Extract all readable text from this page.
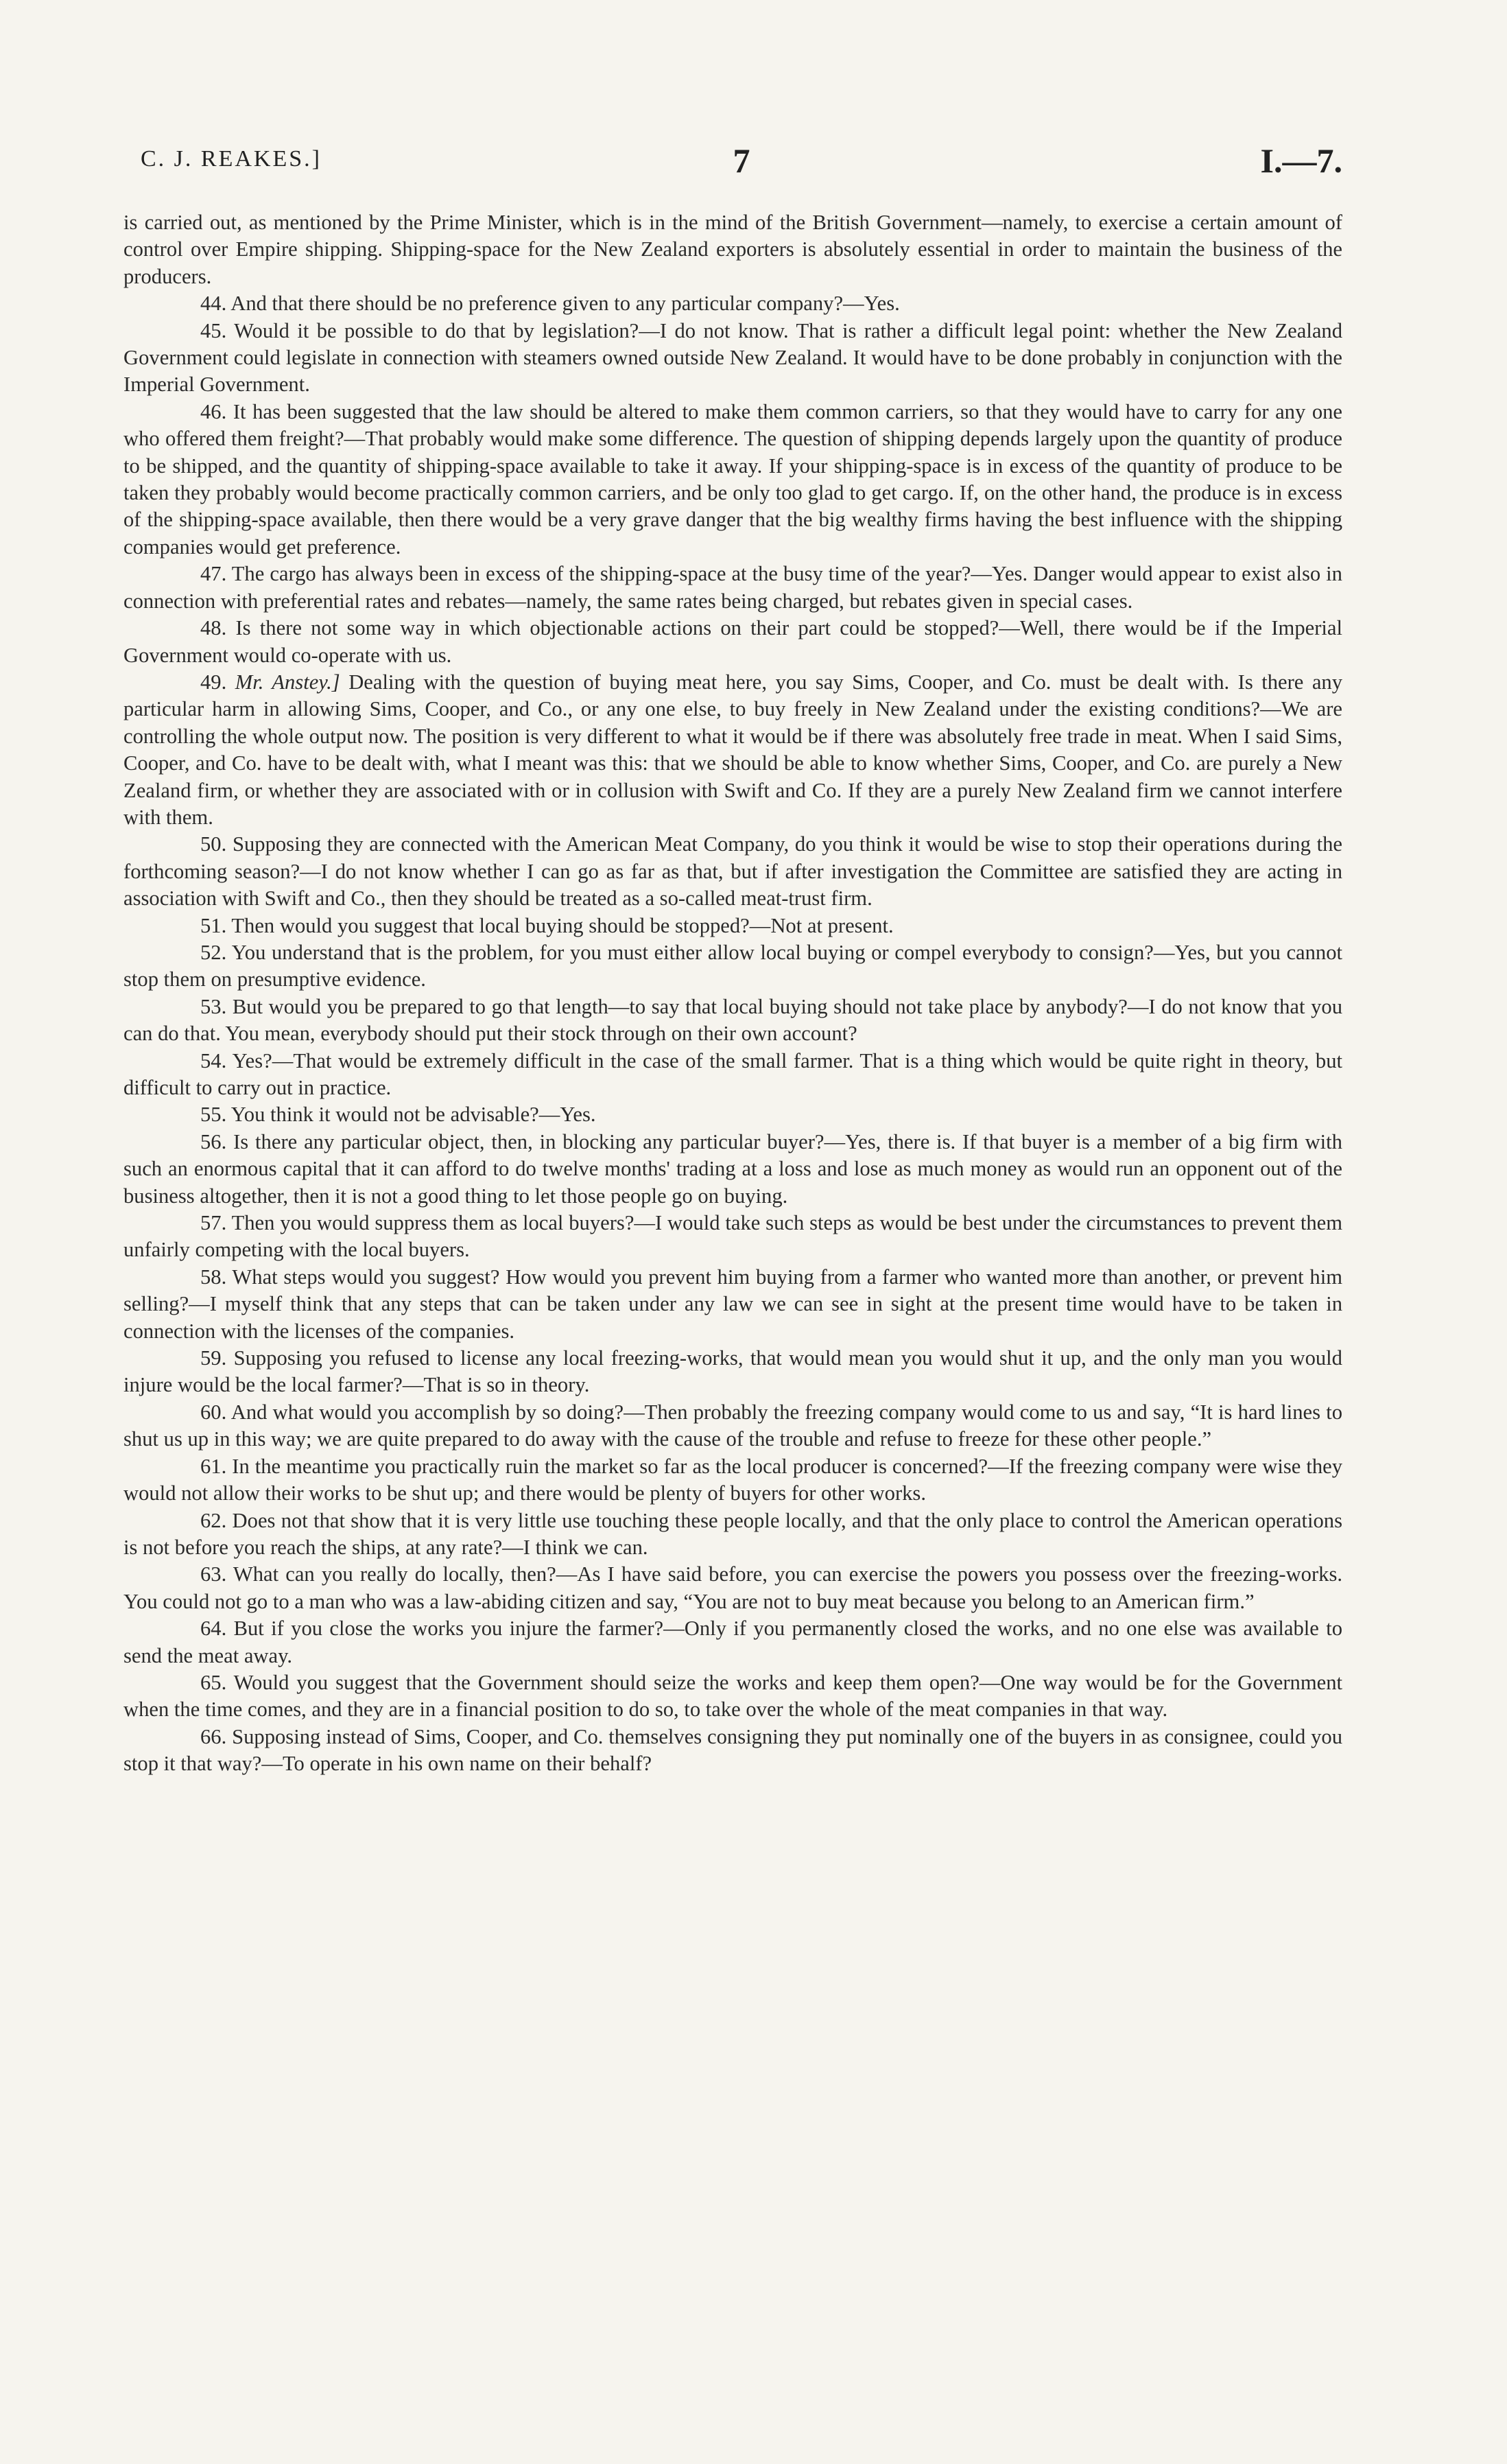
C. J. REAKES.]	7	I.—7.

is carried out, as mentioned by the Prime Minister, which is in the mind of the British Government—namely, to exercise a certain amount of control over Empire shipping. Shipping-space for the New Zealand exporters is absolutely essential in order to maintain the business of the producers.

44. And that there should be no preference given to any particular company?—Yes.

45. Would it be possible to do that by legislation?—I do not know. That is rather a difficult legal point: whether the New Zealand Government could legislate in connection with steamers owned outside New Zealand. It would have to be done probably in conjunction with the Imperial Government.

46. It has been suggested that the law should be altered to make them common carriers, so that they would have to carry for any one who offered them freight?—That probably would make some difference. The question of shipping depends largely upon the quantity of produce to be shipped, and the quantity of shipping-space available to take it away. If your shipping-space is in excess of the quantity of produce to be taken they probably would become practically common carriers, and be only too glad to get cargo. If, on the other hand, the produce is in excess of the shipping-space available, then there would be a very grave danger that the big wealthy firms having the best influence with the shipping companies would get preference.

47. The cargo has always been in excess of the shipping-space at the busy time of the year?—Yes. Danger would appear to exist also in connection with preferential rates and rebates—namely, the same rates being charged, but rebates given in special cases.

48. Is there not some way in which objectionable actions on their part could be stopped?—Well, there would be if the Imperial Government would co-operate with us.

49. Mr. Anstey.] Dealing with the question of buying meat here, you say Sims, Cooper, and Co. must be dealt with. Is there any particular harm in allowing Sims, Cooper, and Co., or any one else, to buy freely in New Zealand under the existing conditions?—We are controlling the whole output now. The position is very different to what it would be if there was absolutely free trade in meat. When I said Sims, Cooper, and Co. have to be dealt with, what I meant was this: that we should be able to know whether Sims, Cooper, and Co. are purely a New Zealand firm, or whether they are associated with or in collusion with Swift and Co. If they are a purely New Zealand firm we cannot interfere with them.

50. Supposing they are connected with the American Meat Company, do you think it would be wise to stop their operations during the forthcoming season?—I do not know whether I can go as far as that, but if after investigation the Committee are satisfied they are acting in association with Swift and Co., then they should be treated as a so-called meat-trust firm.

51. Then would you suggest that local buying should be stopped?—Not at present.

52. You understand that is the problem, for you must either allow local buying or compel everybody to consign?—Yes, but you cannot stop them on presumptive evidence.

53. But would you be prepared to go that length—to say that local buying should not take place by anybody?—I do not know that you can do that. You mean, everybody should put their stock through on their own account?

54. Yes?—That would be extremely difficult in the case of the small farmer. That is a thing which would be quite right in theory, but difficult to carry out in practice.

55. You think it would not be advisable?—Yes.

56. Is there any particular object, then, in blocking any particular buyer?—Yes, there is. If that buyer is a member of a big firm with such an enormous capital that it can afford to do twelve months' trading at a loss and lose as much money as would run an opponent out of the business altogether, then it is not a good thing to let those people go on buying.

57. Then you would suppress them as local buyers?—I would take such steps as would be best under the circumstances to prevent them unfairly competing with the local buyers.

58. What steps would you suggest? How would you prevent him buying from a farmer who wanted more than another, or prevent him selling?—I myself think that any steps that can be taken under any law we can see in sight at the present time would have to be taken in connection with the licenses of the companies.

59. Supposing you refused to license any local freezing-works, that would mean you would shut it up, and the only man you would injure would be the local farmer?—That is so in theory.

60. And what would you accomplish by so doing?—Then probably the freezing company would come to us and say, “It is hard lines to shut us up in this way; we are quite prepared to do away with the cause of the trouble and refuse to freeze for these other people.”

61. In the meantime you practically ruin the market so far as the local producer is concerned?—If the freezing company were wise they would not allow their works to be shut up; and there would be plenty of buyers for other works.

62. Does not that show that it is very little use touching these people locally, and that the only place to control the American operations is not before you reach the ships, at any rate?—I think we can.

63. What can you really do locally, then?—As I have said before, you can exercise the powers you possess over the freezing-works. You could not go to a man who was a law-abiding citizen and say, “You are not to buy meat because you belong to an American firm.”

64. But if you close the works you injure the farmer?—Only if you permanently closed the works, and no one else was available to send the meat away.

65. Would you suggest that the Government should seize the works and keep them open?—One way would be for the Government when the time comes, and they are in a financial position to do so, to take over the whole of the meat companies in that way.

66. Supposing instead of Sims, Cooper, and Co. themselves consigning they put nominally one of the buyers in as consignee, could you stop it that way?—To operate in his own name on their behalf?
